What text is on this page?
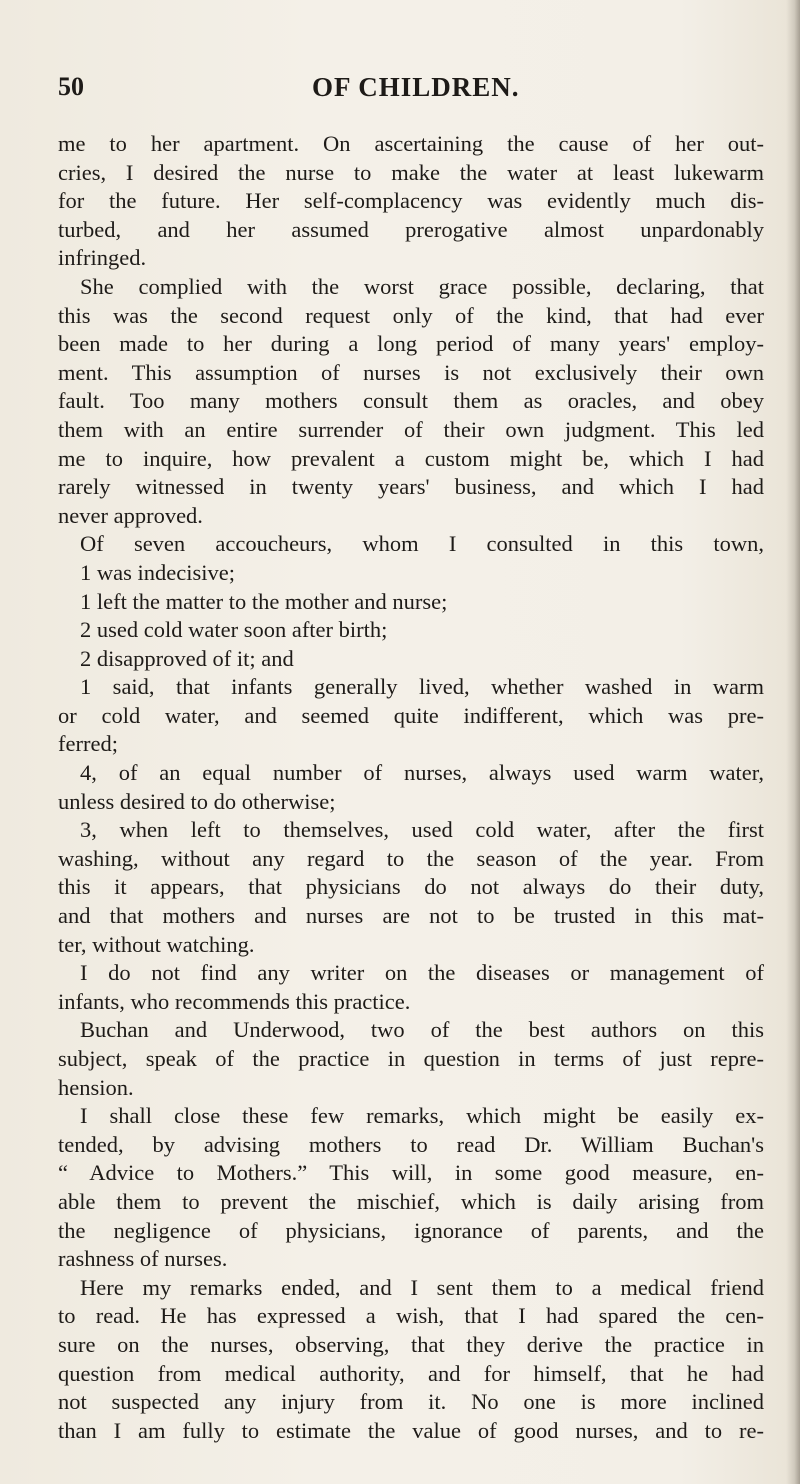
50	OF CHILDREN.
me to her apartment. On ascertaining the cause of her out-
cries, I desired the nurse to make the water at least lukewarm
for the future. Her self-complacency was evidently much dis-
turbed, and her assumed prerogative almost unpardonably
infringed.
She complied with the worst grace possible, declaring, that
this was the second request only of the kind, that had ever
been made to her during a long period of many years' employ-
ment. This assumption of nurses is not exclusively their own
fault. Too many mothers consult them as oracles, and obey
them with an entire surrender of their own judgment. This led
me to inquire, how prevalent a custom might be, which I had
rarely witnessed in twenty years' business, and which I had
never approved.
Of seven accoucheurs, whom I consulted in this town,
1 was indecisive;
1 left the matter to the mother and nurse;
2 used cold water soon after birth;
2 disapproved of it; and
1 said, that infants generally lived, whether washed in warm
or cold water, and seemed quite indifferent, which was pre-
ferred;
4, of an equal number of nurses, always used warm water,
unless desired to do otherwise;
3, when left to themselves, used cold water, after the first
washing, without any regard to the season of the year. From
this it appears, that physicians do not always do their duty,
and that mothers and nurses are not to be trusted in this mat-
ter, without watching.
I do not find any writer on the diseases or management of
infants, who recommends this practice.
Buchan and Underwood, two of the best authors on this
subject, speak of the practice in question in terms of just repre-
hension.
I shall close these few remarks, which might be easily ex-
tended, by advising mothers to read Dr. William Buchan's
“ Advice to Mothers.” This will, in some good measure, en-
able them to prevent the mischief, which is daily arising from
the negligence of physicians, ignorance of parents, and the
rashness of nurses.
Here my remarks ended, and I sent them to a medical friend
to read. He has expressed a wish, that I had spared the cen-
sure on the nurses, observing, that they derive the practice in
question from medical authority, and for himself, that he had
not suspected any injury from it. No one is more inclined
than I am fully to estimate the value of good nurses, and to re-
